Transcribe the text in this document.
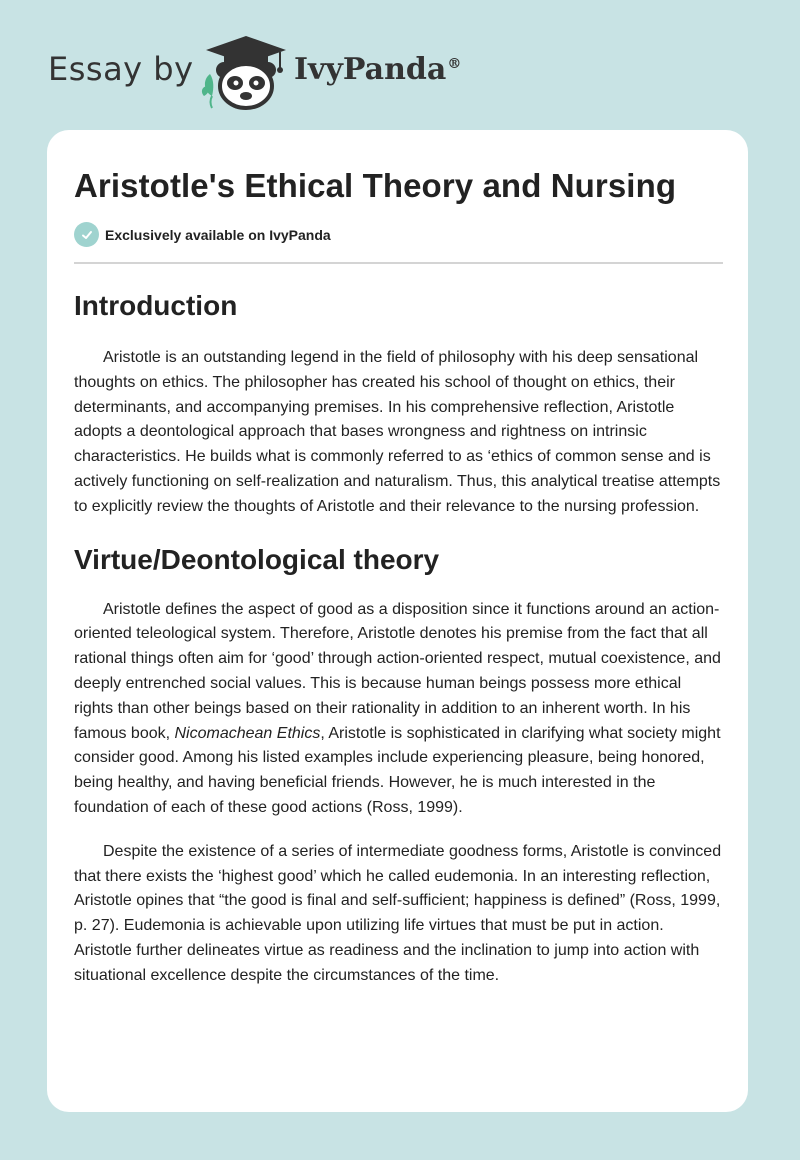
Essay by	IvyPanda®
Aristotle's Ethical Theory and Nursing
Exclusively available on IvyPanda
Introduction

Aristotle is an outstanding legend in the field of philosophy with his deep sensational thoughts on ethics. The philosopher has created his school of thought on ethics, their determinants, and accompanying premises. In his comprehensive reflection, Aristotle adopts a deontological approach that bases wrongness and rightness on intrinsic characteristics. He builds what is commonly referred to as ‘ethics of common sense and is actively functioning on self-realization and naturalism. Thus, this analytical treatise attempts to explicitly review the thoughts of Aristotle and their relevance to the nursing profession.

Virtue/Deontological theory

Aristotle defines the aspect of good as a disposition since it functions around an action-oriented teleological system. Therefore, Aristotle denotes his premise from the fact that all rational things often aim for ‘good’ through action-oriented respect, mutual coexistence, and deeply entrenched social values. This is because human beings possess more ethical rights than other beings based on their rationality in addition to an inherent worth. In his famous book, Nicomachean Ethics, Aristotle is sophisticated in clarifying what society might consider good. Among his listed examples include experiencing pleasure, being honored, being healthy, and having beneficial friends. However, he is much interested in the foundation of each of these good actions (Ross, 1999).

Despite the existence of a series of intermediate goodness forms, Aristotle is convinced that there exists the ‘highest good’ which he called eudemonia. In an interesting reflection, Aristotle opines that “the good is final and self-sufficient; happiness is defined” (Ross, 1999, p. 27). Eudemonia is achievable upon utilizing life virtues that must be put in action. Aristotle further delineates virtue as readiness and the inclination to jump into action with situational excellence despite the circumstances of the time.
